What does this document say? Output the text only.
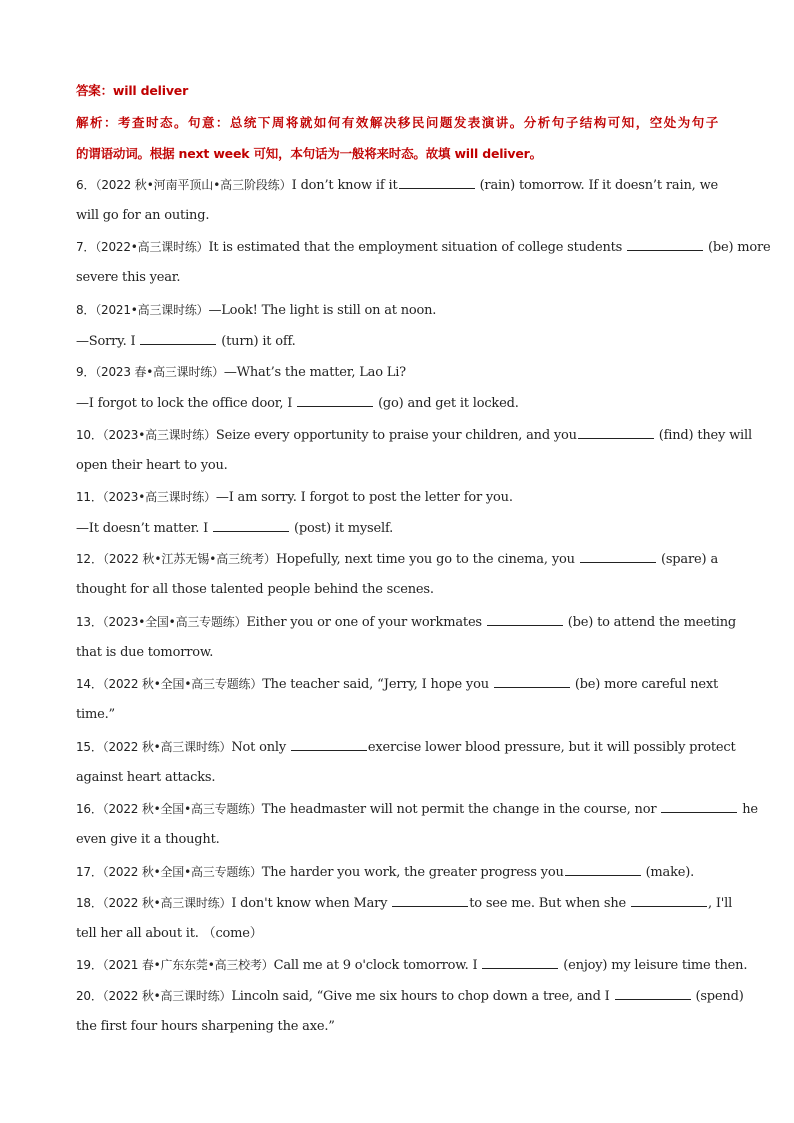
答案：will deliver
解析：考查时态。句意：总统下周将就如何有效解决移民问题发表演讲。分析句子结构可知，空处为句子
的谓语动词。根据 next week 可知，本句话为一般将来时态。故填 will deliver。
6．（2022 秋•河南平顶山•高三阶段练）I don’t know if it	(rain) tomorrow. If it doesn’t rain, we
will go for an outing.
7．（2022•高三课时练）It is estimated that the employment situation of college students	(be) more
severe this year.
8．（2021•高三课时练）—Look! The light is still on at noon.
—Sorry. I	(turn) it off.
9．（2023 春•高三课时练）—What’s the matter, Lao Li?
—I forgot to lock the office door, I	(go) and get it locked.
10．（2023•高三课时练）Seize every opportunity to praise your children, and you	(find) they will
open their heart to you.
11．（2023•高三课时练）—I am sorry. I forgot to post the letter for you.
—It doesn’t matter. I	(post) it myself.
12．（2022 秋•江苏无锡•高三统考）Hopefully, next time you go to the cinema, you	(spare) a
thought for all those talented people behind the scenes.
13．（2023•全国•高三专题练）Either you or one of your workmates	(be) to attend the meeting
that is due tomorrow.
14．（2022 秋•全国•高三专题练）The teacher said, “Jerry, I hope you	(be) more careful next
time.”
15．（2022 秋•高三课时练）Not only	exercise lower blood pressure, but it will possibly protect
against heart attacks.
16．（2022 秋•全国•高三专题练）The headmaster will not permit the change in the course, nor	he
even give it a thought.
17．（2022 秋•全国•高三专题练）The harder you work, the greater progress you	(make).
18．（2022 秋•高三课时练）I don't know when Mary	to see me. But when she	, I'll
tell her all about it. （come）
19．（2021 春•广东东莞•高三校考）Call me at 9 o'clock tomorrow. I	(enjoy) my leisure time then.
20．（2022 秋•高三课时练）Lincoln said, “Give me six hours to chop down a tree, and I	(spend)
the first four hours sharpening the axe.”
